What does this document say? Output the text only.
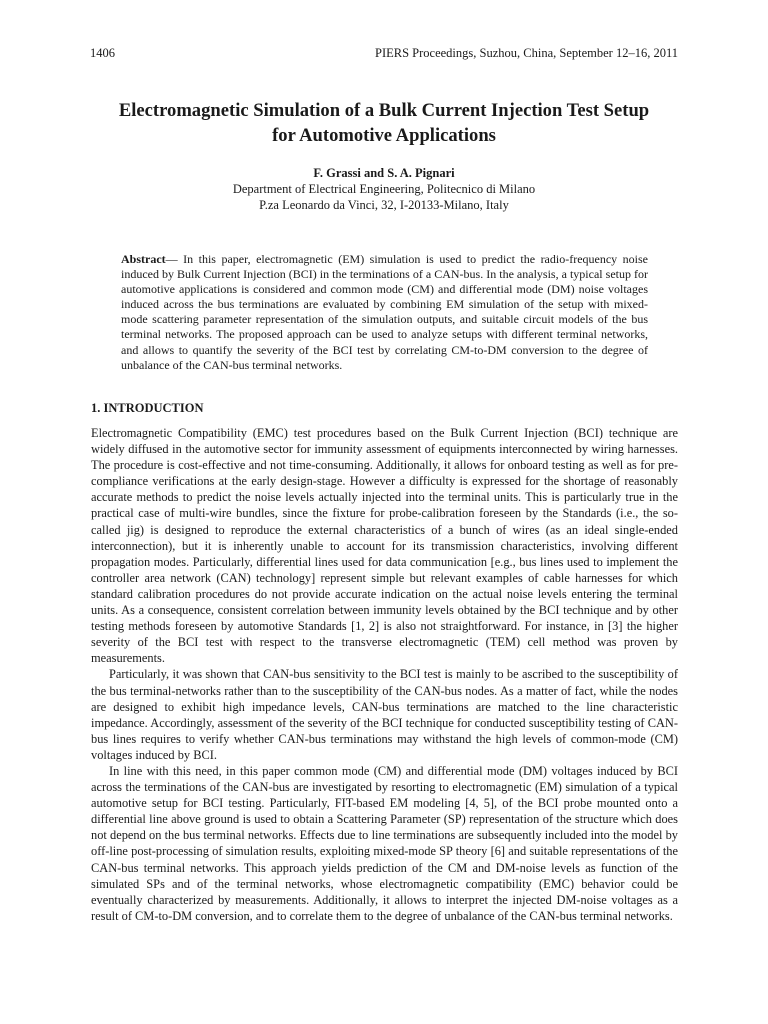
1406	PIERS Proceedings, Suzhou, China, September 12–16, 2011
Electromagnetic Simulation of a Bulk Current Injection Test Setup
for Automotive Applications
F. Grassi and S. A. Pignari
Department of Electrical Engineering, Politecnico di Milano
P.za Leonardo da Vinci, 32, I-20133-Milano, Italy

Abstract— In this paper, electromagnetic (EM) simulation is used to predict the radio-frequency noise induced by Bulk Current Injection (BCI) in the terminations of a CAN-bus. In the analysis, a typical setup for automotive applications is considered and common mode (CM) and differential mode (DM) noise voltages induced across the bus terminations are evaluated by combining EM simulation of the setup with mixed-mode scattering parameter representation of the simulation outputs, and suitable circuit models of the bus terminal networks. The proposed approach can be used to analyze setups with different terminal networks, and allows to quantify the severity of the BCI test by correlating CM-to-DM conversion to the degree of unbalance of the CAN-bus terminal networks.

1. INTRODUCTION

Electromagnetic Compatibility (EMC) test procedures based on the Bulk Current Injection (BCI) technique are widely diffused in the automotive sector for immunity assessment of equipments interconnected by wiring harnesses. The procedure is cost-effective and not time-consuming. Additionally, it allows for onboard testing as well as for pre-compliance verifications at the early design-stage. However a difficulty is expressed for the shortage of reasonably accurate methods to predict the noise levels actually injected into the terminal units. This is particularly true in the practical case of multi-wire bundles, since the fixture for probe-calibration foreseen by the Standards (i.e., the so-called jig) is designed to reproduce the external characteristics of a bunch of wires (as an ideal single-ended interconnection), but it is inherently unable to account for its transmission characteristics, involving different propagation modes. Particularly, differential lines used for data communication [e.g., bus lines used to implement the controller area network (CAN) technology] represent simple but relevant examples of cable harnesses for which standard calibration procedures do not provide accurate indication on the actual noise levels entering the terminal units. As a consequence, consistent correlation between immunity levels obtained by the BCI technique and by other testing methods foreseen by automotive Standards [1, 2] is also not straightforward. For instance, in [3] the higher severity of the BCI test with respect to the transverse electromagnetic (TEM) cell method was proven by measurements.

Particularly, it was shown that CAN-bus sensitivity to the BCI test is mainly to be ascribed to the susceptibility of the bus terminal-networks rather than to the susceptibility of the CAN-bus nodes. As a matter of fact, while the nodes are designed to exhibit high impedance levels, CAN-bus terminations are matched to the line characteristic impedance. Accordingly, assessment of the severity of the BCI technique for conducted susceptibility testing of CAN-bus lines requires to verify whether CAN-bus terminations may withstand the high levels of common-mode (CM) voltages induced by BCI.

In line with this need, in this paper common mode (CM) and differential mode (DM) voltages induced by BCI across the terminations of the CAN-bus are investigated by resorting to electromagnetic (EM) simulation of a typical automotive setup for BCI testing. Particularly, FIT-based EM modeling [4, 5], of the BCI probe mounted onto a differential line above ground is used to obtain a Scattering Parameter (SP) representation of the structure which does not depend on the bus terminal networks. Effects due to line terminations are subsequently included into the model by off-line post-processing of simulation results, exploiting mixed-mode SP theory [6] and suitable representations of the CAN-bus terminal networks. This approach yields prediction of the CM and DM-noise levels as function of the simulated SPs and of the terminal networks, whose electromagnetic compatibility (EMC) behavior could be eventually characterized by measurements. Additionally, it allows to interpret the injected DM-noise voltages as a result of CM-to-DM conversion, and to correlate them to the degree of unbalance of the CAN-bus terminal networks.
